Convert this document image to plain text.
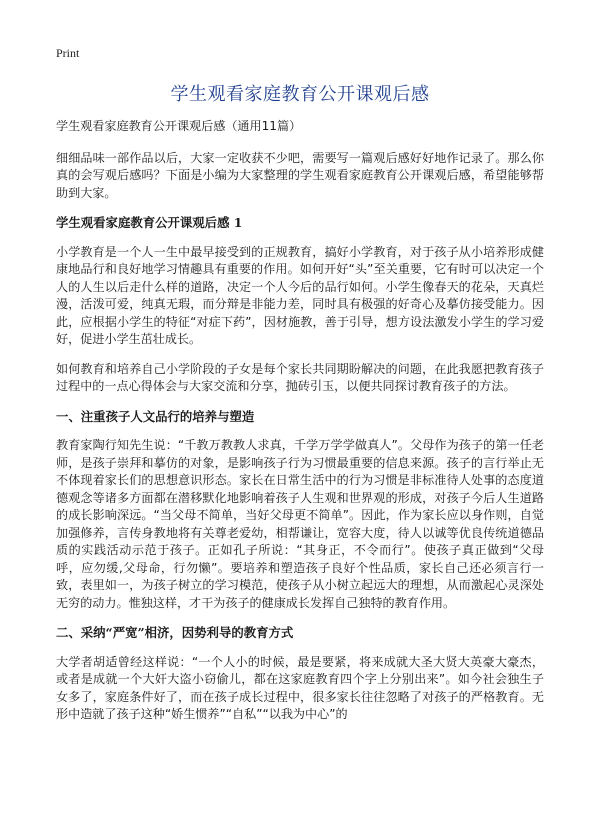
Print
学生观看家庭教育公开课观后感
学生观看家庭教育公开课观后感（通用11篇）

细细品味一部作品以后，大家一定收获不少吧，需要写一篇观后感好好地作记录了。那么你真的会写观后感吗？下面是小编为大家整理的学生观看家庭教育公开课观后感，希望能够帮助到大家。

学生观看家庭教育公开课观后感 1

小学教育是一个人一生中最早接受到的正规教育，搞好小学教育，对于孩子从小培养形成健康地品行和良好地学习情趣具有重要的作用。如何开好“头”至关重要，它有时可以决定一个人的人生以后走什么样的道路，决定一个人今后的品行如何。小学生像春天的花朵，天真烂漫，活泼可爱，纯真无瑕，而分辩是非能力差，同时具有极强的好奇心及摹仿接受能力。因此，应根据小学生的特征“对症下药”，因材施教，善于引导，想方设法激发小学生的学习爱好，促进小学生茁壮成长。

如何教育和培养自己小学阶段的子女是每个家长共同期盼解决的问题，在此我愿把教育孩子过程中的一点心得体会与大家交流和分享，抛砖引玉，以便共同探讨教育孩子的方法。

一、注重孩子人文品行的培养与塑造

教育家陶行知先生说：“千教万教教人求真，千学万学学做真人”。父母作为孩子的第一任老师，是孩子崇拜和摹仿的对象，是影响孩子行为习惯最重要的信息来源。孩子的言行举止无不体现着家长们的思想意识形态。家长在日常生活中的行为习惯是非标准待人处事的态度道德观念等诸多方面都在潜移默化地影响着孩子人生观和世界观的形成，对孩子今后人生道路的成长影响深远。“当父母不简单，当好父母更不简单”。因此，作为家长应以身作则，自觉加强修养，言传身教地将有关尊老爱幼，相帮谦让，宽容大度，待人以诚等优良传统道德品质的实践活动示范于孩子。正如孔子所说：“其身正，不令而行”。使孩子真正做到“父母呼，应勿缓,父母命，行勿懒”。要培养和塑造孩子良好个性品质，家长自己还必须言行一致，表里如一，为孩子树立的学习模范，使孩子从小树立起远大的理想，从而激起心灵深处无穷的动力。惟独这样，才干为孩子的健康成长发挥自己独特的教育作用。

二、采纳“严宽”相济，因势利导的教育方式

大学者胡适曾经这样说：“一个人小的时候，最是要紧，将来成就大圣大贤大英豪大豪杰，或者是成就一个大奸大盗小窃偷儿，都在这家庭教育四个字上分别出来”。如今社会独生子女多了，家庭条件好了，而在孩子成长过程中，很多家长往往忽略了对孩子的严格教育。无形中造就了孩子这种“娇生惯养”“自私”“以我为中心”的
